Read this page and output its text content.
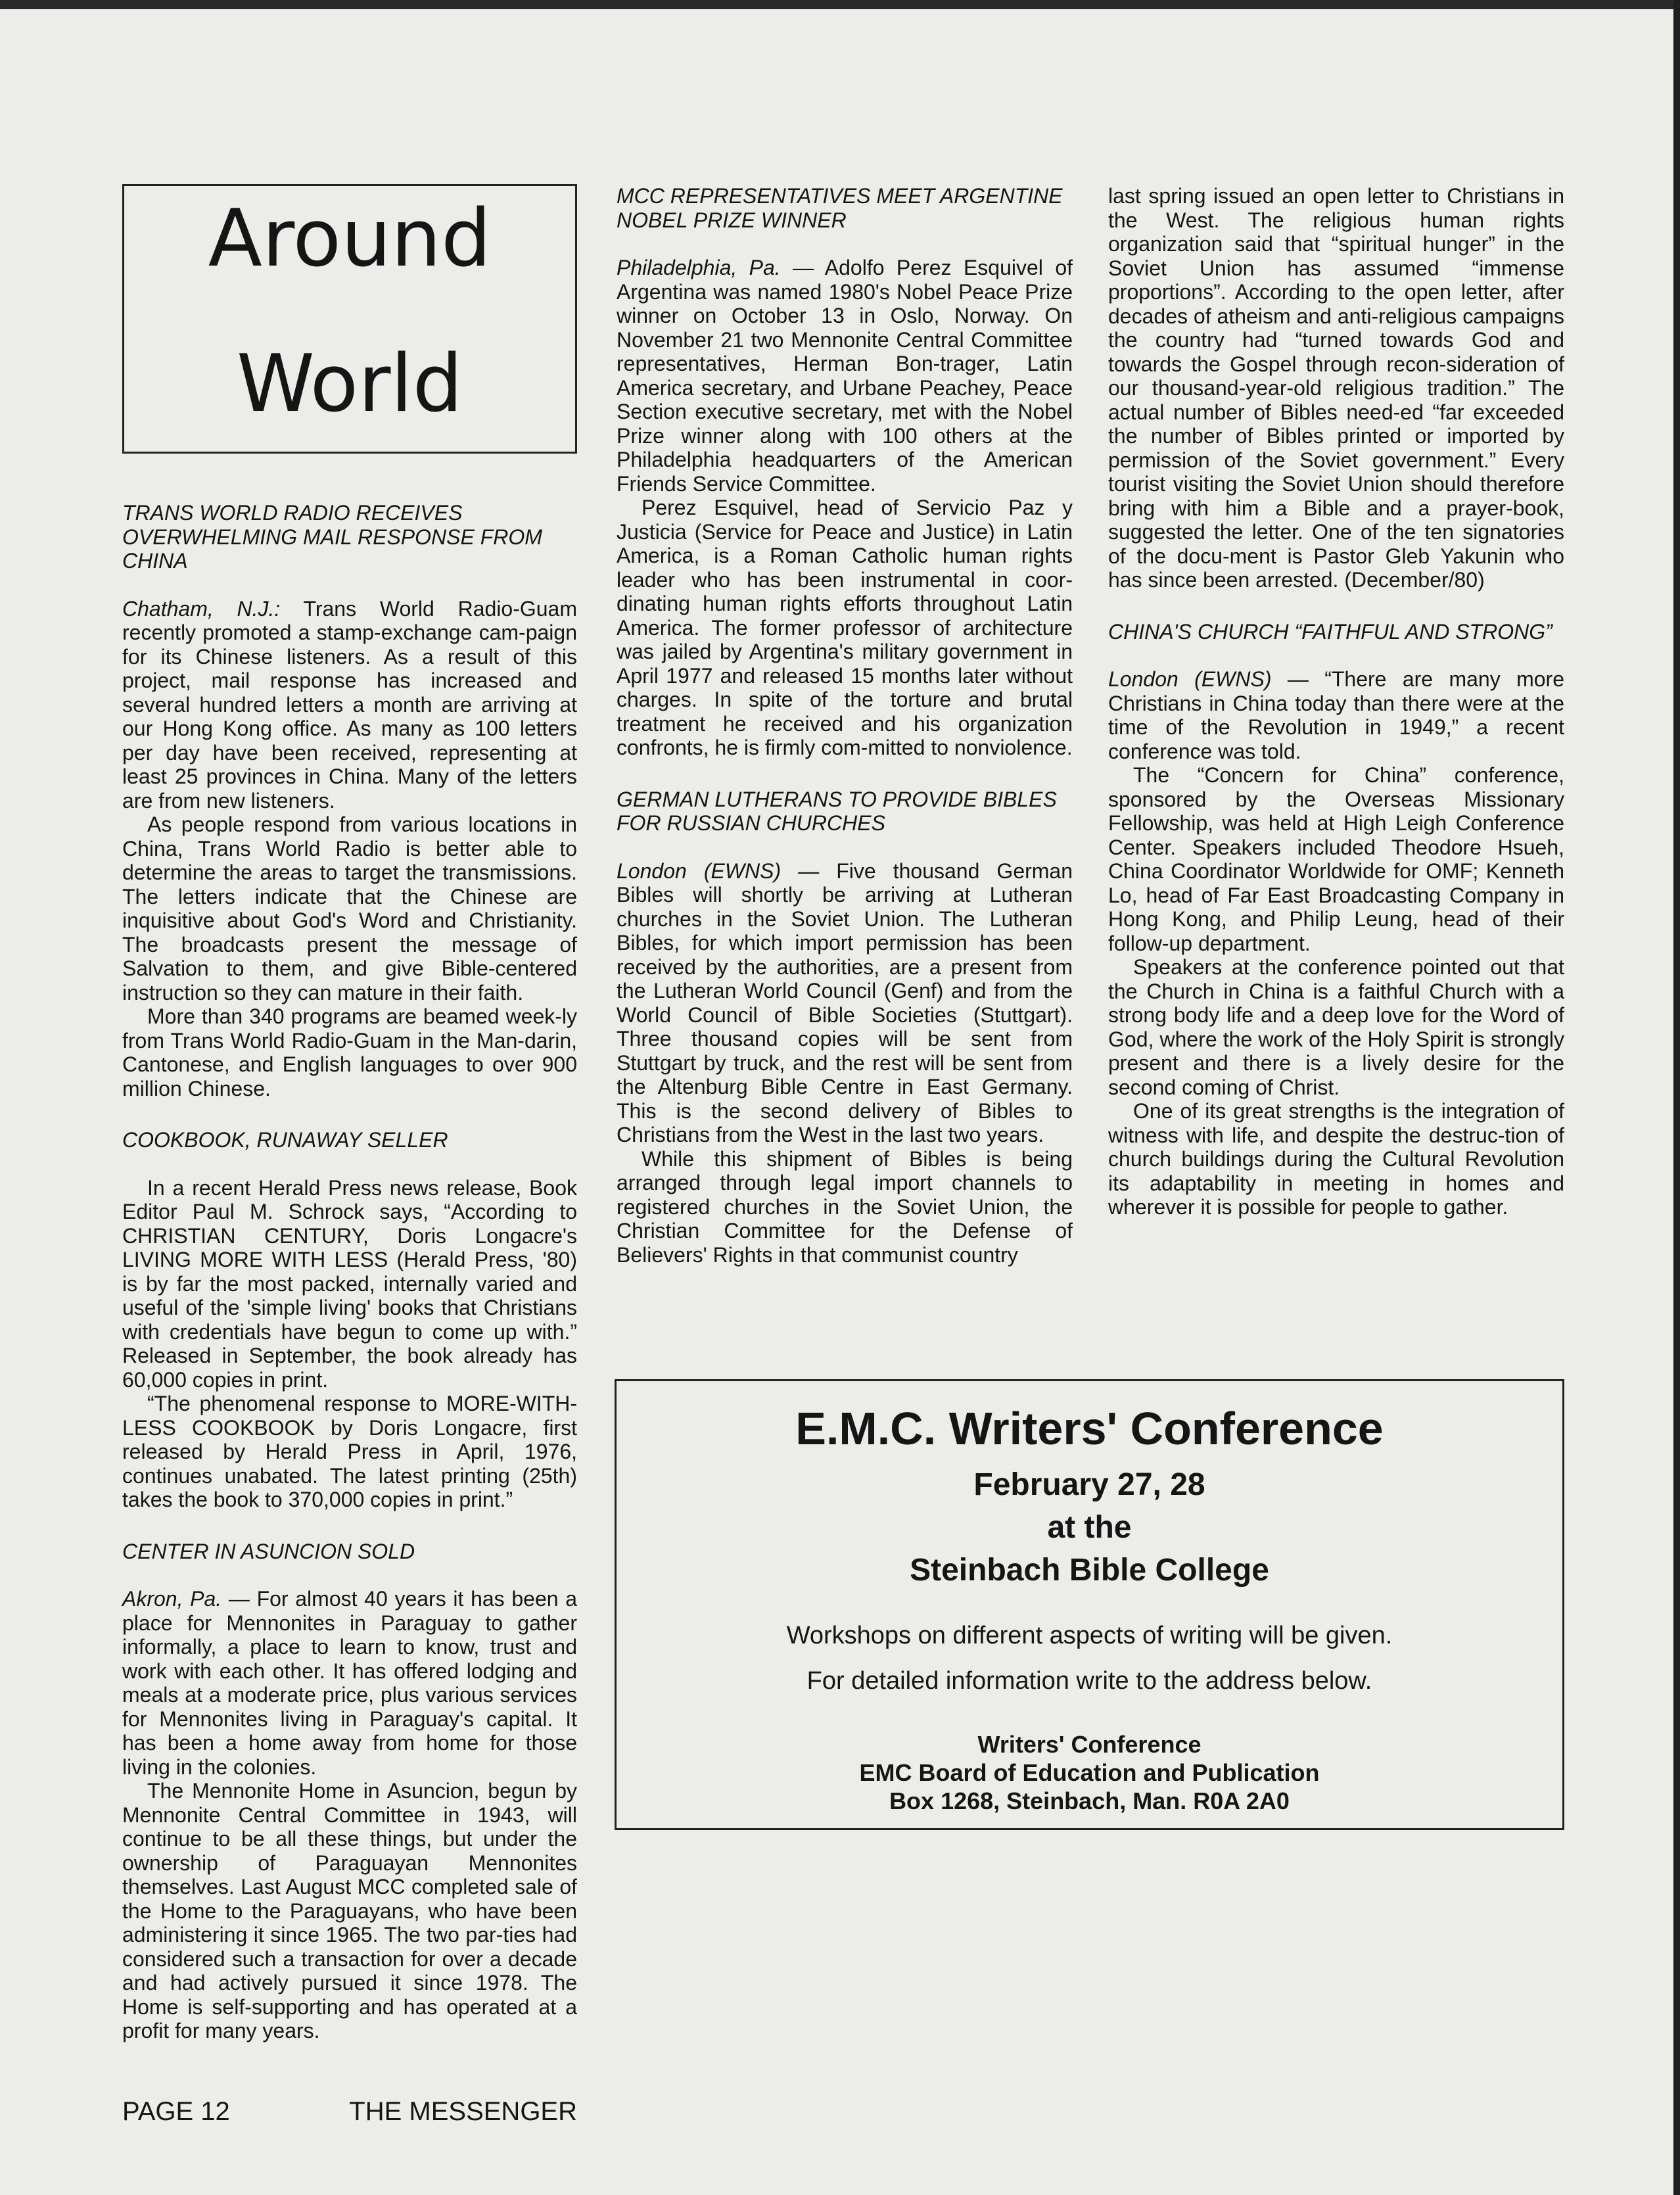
Around
World
TRANS WORLD RADIO RECEIVES OVERWHELMING MAIL RESPONSE FROM CHINA

Chatham, N.J.: Trans World Radio-Guam recently promoted a stamp-exchange cam-paign for its Chinese listeners. As a result of this project, mail response has increased and several hundred letters a month are arriving at our Hong Kong office. As many as 100 letters per day have been received, representing at least 25 provinces in China. Many of the letters are from new listeners.

As people respond from various locations in China, Trans World Radio is better able to determine the areas to target the transmissions. The letters indicate that the Chinese are inquisitive about God's Word and Christianity. The broadcasts present the message of Salvation to them, and give Bible-centered instruction so they can mature in their faith.

More than 340 programs are beamed week-ly from Trans World Radio-Guam in the Man-darin, Cantonese, and English languages to over 900 million Chinese.

COOKBOOK, RUNAWAY SELLER

In a recent Herald Press news release, Book Editor Paul M. Schrock says, “According to CHRISTIAN CENTURY, Doris Longacre's LIVING MORE WITH LESS (Herald Press, '80) is by far the most packed, internally varied and useful of the 'simple living' books that Christians with credentials have begun to come up with.” Released in September, the book already has 60,000 copies in print.

“The phenomenal response to MORE-WITH-LESS COOKBOOK by Doris Longacre, first released by Herald Press in April, 1976, continues unabated. The latest printing (25th) takes the book to 370,000 copies in print.”

CENTER IN ASUNCION SOLD

Akron, Pa. — For almost 40 years it has been a place for Mennonites in Paraguay to gather informally, a place to learn to know, trust and work with each other. It has offered lodging and meals at a moderate price, plus various services for Mennonites living in Paraguay's capital. It has been a home away from home for those living in the colonies.

The Mennonite Home in Asuncion, begun by Mennonite Central Committee in 1943, will continue to be all these things, but under the ownership of Paraguayan Mennonites themselves. Last August MCC completed sale of the Home to the Paraguayans, who have been administering it since 1965. The two par-ties had considered such a transaction for over a decade and had actively pursued it since 1978. The Home is self-supporting and has operated at a profit for many years.

MCC REPRESENTATIVES MEET ARGENTINE NOBEL PRIZE WINNER

Philadelphia, Pa. — Adolfo Perez Esquivel of Argentina was named 1980's Nobel Peace Prize winner on October 13 in Oslo, Norway. On November 21 two Mennonite Central Committee representatives, Herman Bon-trager, Latin America secretary, and Urbane Peachey, Peace Section executive secretary, met with the Nobel Prize winner along with 100 others at the Philadelphia headquarters of the American Friends Service Committee.

Perez Esquivel, head of Servicio Paz y Justicia (Service for Peace and Justice) in Latin America, is a Roman Catholic human rights leader who has been instrumental in coor-dinating human rights efforts throughout Latin America. The former professor of architecture was jailed by Argentina's military government in April 1977 and released 15 months later without charges. In spite of the torture and brutal treatment he received and his organization confronts, he is firmly com-mitted to nonviolence.

GERMAN LUTHERANS TO PROVIDE BIBLES FOR RUSSIAN CHURCHES

London (EWNS) — Five thousand German Bibles will shortly be arriving at Lutheran churches in the Soviet Union. The Lutheran Bibles, for which import permission has been received by the authorities, are a present from the Lutheran World Council (Genf) and from the World Council of Bible Societies (Stuttgart). Three thousand copies will be sent from Stuttgart by truck, and the rest will be sent from the Altenburg Bible Centre in East Germany. This is the second delivery of Bibles to Christians from the West in the last two years.

While this shipment of Bibles is being arranged through legal import channels to registered churches in the Soviet Union, the Christian Committee for the Defense of Believers' Rights in that communist country

last spring issued an open letter to Christians in the West. The religious human rights organization said that “spiritual hunger” in the Soviet Union has assumed “immense proportions”. According to the open letter, after decades of atheism and anti-religious campaigns the country had “turned towards God and towards the Gospel through recon-sideration of our thousand-year-old religious tradition.” The actual number of Bibles need-ed “far exceeded the number of Bibles printed or imported by permission of the Soviet government.” Every tourist visiting the Soviet Union should therefore bring with him a Bible and a prayer-book, suggested the letter. One of the ten signatories of the docu-ment is Pastor Gleb Yakunin who has since been arrested. (December/80)

CHINA'S CHURCH “FAITHFUL AND STRONG”

London (EWNS) — “There are many more Christians in China today than there were at the time of the Revolution in 1949,” a recent conference was told.

The “Concern for China” conference, sponsored by the Overseas Missionary Fellowship, was held at High Leigh Conference Center. Speakers included Theodore Hsueh, China Coordinator Worldwide for OMF; Kenneth Lo, head of Far East Broadcasting Company in Hong Kong, and Philip Leung, head of their follow-up department.

Speakers at the conference pointed out that the Church in China is a faithful Church with a strong body life and a deep love for the Word of God, where the work of the Holy Spirit is strongly present and there is a lively desire for the second coming of Christ.

One of its great strengths is the integration of witness with life, and despite the destruc-tion of church buildings during the Cultural Revolution its adaptability in meeting in homes and wherever it is possible for people to gather.

E.M.C. Writers' Conference
February 27, 28
at the
Steinbach Bible College
Workshops on different aspects of writing will be given.
For detailed information write to the address below.
Writers' Conference
EMC Board of Education and Publication
Box 1268, Steinbach, Man. R0A 2A0
PAGE 12	THE MESSENGER
